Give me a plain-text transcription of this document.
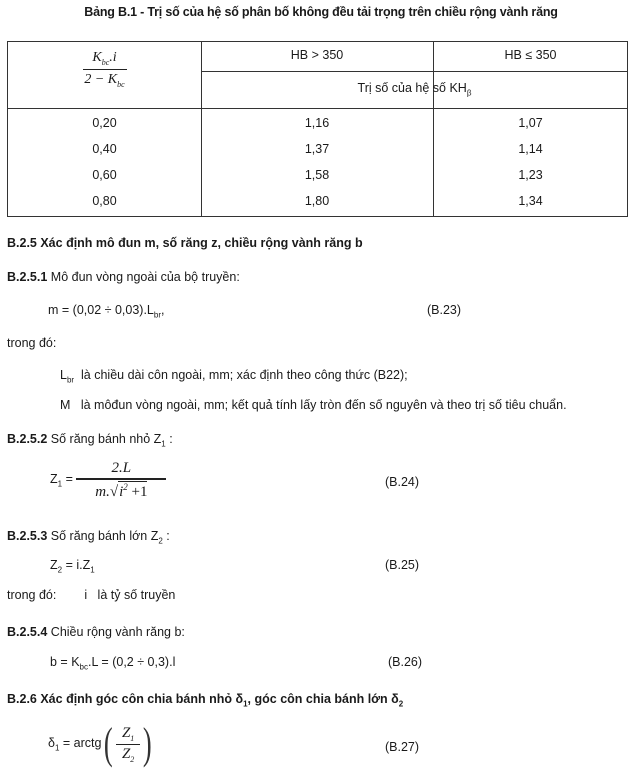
Bảng B.1 - Trị số của hệ số phân bố không đều tải trọng trên chiều rộng vành răng
$K_{bc}.i$
$2 - K_{bc}$
HB > 350	HB ≤ 350
Trị số của hệ số $KH_\beta$
0,20	1,16	1,07
0,40	1,37	1,14
0,60	1,58	1,23
0,80	1,80	1,34
B.2.5 Xác định mô đun m, số răng z, chiều rộng vành răng b
B.2.5.1 Mô đun vòng ngoài của bộ truyền:
$m = (0,02 \div 0,03).L_{br}$,	(B.23)
trong đó:
$L_{br}$ là chiều dài côn ngoài, mm; xác định theo công thức (B22);
M là môđun vòng ngoài, mm; kết quả tính lấy tròn đến số nguyên và theo trị số tiêu chuẩn.
B.2.5.2 Số răng bánh nhỏ $Z_1$ :
$Z_1 = \frac{2.L}{m.√i^2 +1}$	(B.24)
B.2.5.3 Số răng bánh lớn $Z_2$ :
$Z_2 = i.Z_1$	(B.25)
trong đó: i là tỷ số truyền
B.2.5.4 Chiều rộng vành răng b:
$b = K_{bc}.L = (0,2 \div 0,3).l$	(B.26)
B.2.6 Xác định góc côn chia bánh nhỏ $\delta_1$, góc côn chia bánh lớn $\delta_2$
$\delta_1$ = arctg( $\frac{Z_1}{Z_2}$ )	(B.27)
